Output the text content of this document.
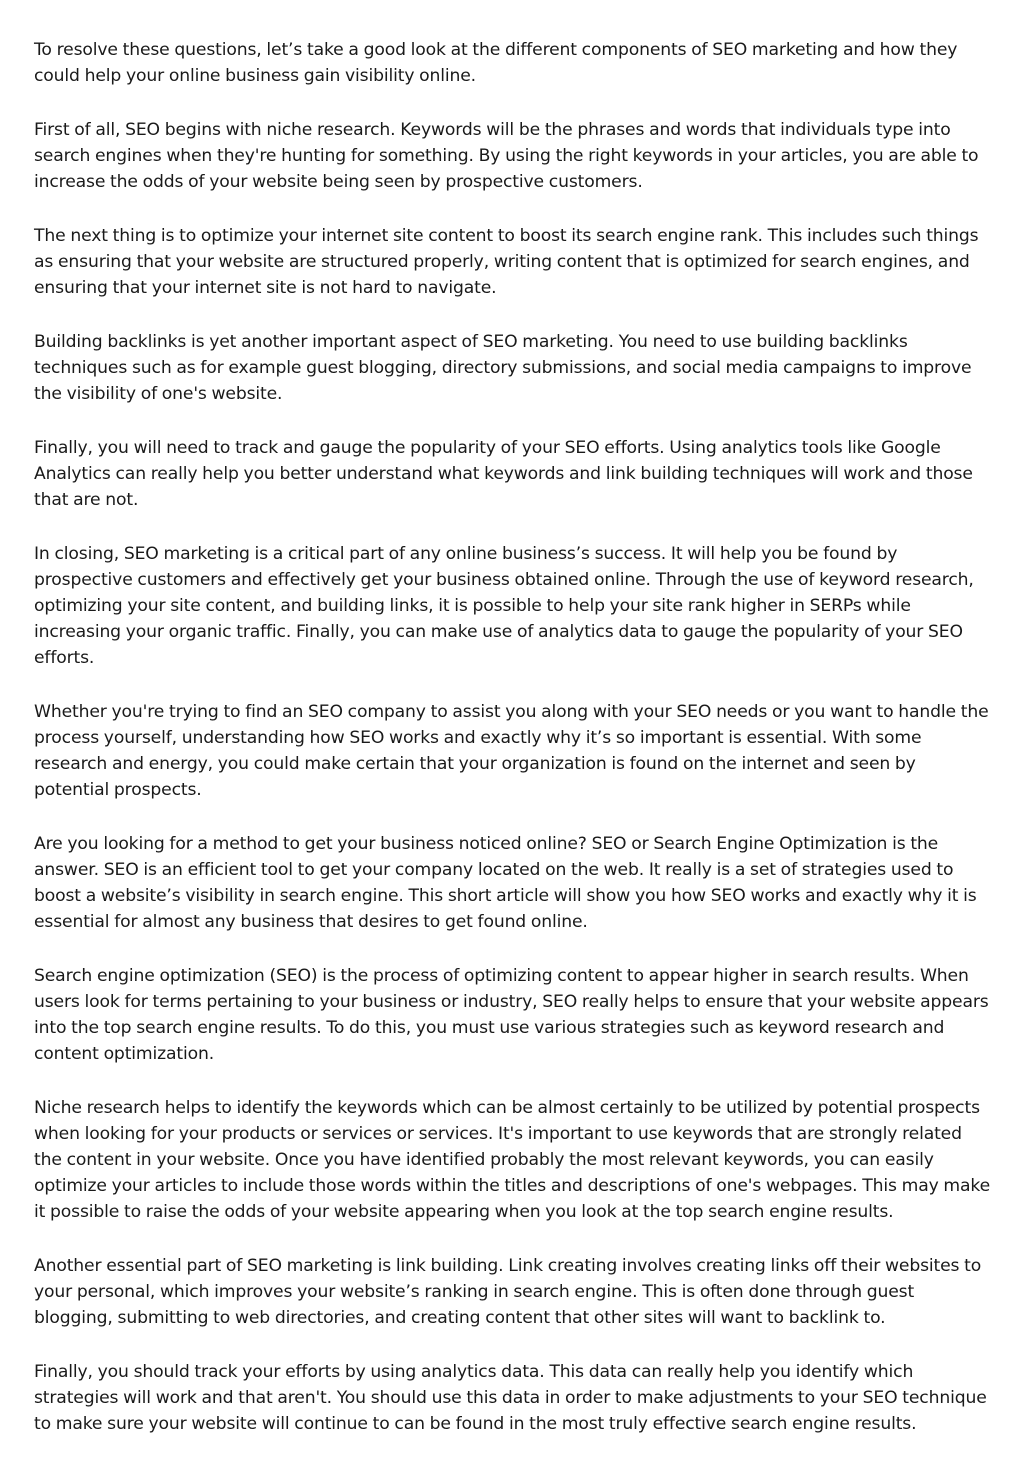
To resolve these questions, let’s take a good look at the different components of SEO marketing and how they could help your online business gain visibility online.

First of all, SEO begins with niche research. Keywords will be the phrases and words that individuals type into search engines when they're hunting for something. By using the right keywords in your articles, you are able to increase the odds of your website being seen by prospective customers.

The next thing is to optimize your internet site content to boost its search engine rank. This includes such things as ensuring that your website are structured properly, writing content that is optimized for search engines, and ensuring that your internet site is not hard to navigate.

Building backlinks is yet another important aspect of SEO marketing. You need to use building backlinks techniques such as for example guest blogging, directory submissions, and social media campaigns to improve the visibility of one's website.

Finally, you will need to track and gauge the popularity of your SEO efforts. Using analytics tools like Google Analytics can really help you better understand what keywords and link building techniques will work and those that are not.

In closing, SEO marketing is a critical part of any online business’s success. It will help you be found by prospective customers and effectively get your business obtained online. Through the use of keyword research, optimizing your site content, and building links, it is possible to help your site rank higher in SERPs while increasing your organic traffic. Finally, you can make use of analytics data to gauge the popularity of your SEO efforts.

Whether you're trying to find an SEO company to assist you along with your SEO needs or you want to handle the process yourself, understanding how SEO works and exactly why it’s so important is essential. With some research and energy, you could make certain that your organization is found on the internet and seen by potential prospects.

Are you looking for a method to get your business noticed online? SEO or Search Engine Optimization is the answer. SEO is an efficient tool to get your company located on the web. It really is a set of strategies used to boost a website’s visibility in search engine. This short article will show you how SEO works and exactly why it is essential for almost any business that desires to get found online.

Search engine optimization (SEO) is the process of optimizing content to appear higher in search results. When users look for terms pertaining to your business or industry, SEO really helps to ensure that your website appears into the top search engine results. To do this, you must use various strategies such as keyword research and content optimization.

Niche research helps to identify the keywords which can be almost certainly to be utilized by potential prospects when looking for your products or services or services. It's important to use keywords that are strongly related the content in your website. Once you have identified probably the most relevant keywords, you can easily optimize your articles to include those words within the titles and descriptions of one's webpages. This may make it possible to raise the odds of your website appearing when you look at the top search engine results.

Another essential part of SEO marketing is link building. Link creating involves creating links off their websites to your personal, which improves your website’s ranking in search engine. This is often done through guest blogging, submitting to web directories, and creating content that other sites will want to backlink to.

Finally, you should track your efforts by using analytics data. This data can really help you identify which strategies will work and that aren't. You should use this data in order to make adjustments to your SEO technique to make sure your website will continue to can be found in the most truly effective search engine results.
